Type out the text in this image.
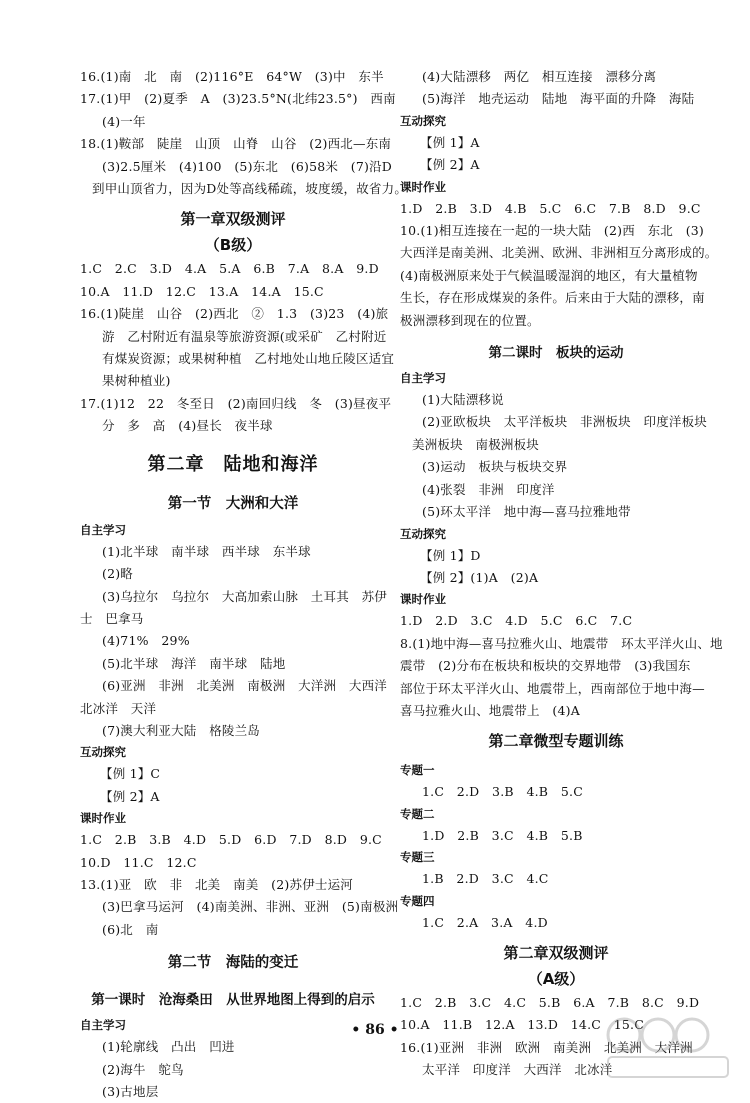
16.(1)南　北　南　(2)116°E　64°W　(3)中　东半
17.(1)甲　(2)夏季　A　(3)23.5°N(北纬23.5°)　西南
(4)一年
18.(1)鞍部　陡崖　山顶　山脊　山谷　(2)西北—东南
(3)2.5厘米　(4)100　(5)东北　(6)58米　(7)沿D
到甲山顶省力，因为D处等高线稀疏，坡度缓，故省力。
第一章双级测评
（B级）
1.C　2.C　3.D　4.A　5.A　6.B　7.A　8.A　9.D
10.A　11.D　12.C　13.A　14.A　15.C
16.(1)陡崖　山谷　(2)西北　②　1.3　(3)23　(4)旅
游　乙村附近有温泉等旅游资源(或采矿　乙村附近
有煤炭资源；或果树种植　乙村地处山地丘陵区适宜
果树种植业)
17.(1)12　22　冬至日　(2)南回归线　冬　(3)昼夜平
分　多　高　(4)昼长　夜半球
第二章　陆地和海洋
第一节　大洲和大洋
自主学习
(1)北半球　南半球　西半球　东半球
(2)略
(3)乌拉尔　乌拉尔　大高加索山脉　土耳其　苏伊
士　巴拿马
(4)71%　29%
(5)北半球　海洋　南半球　陆地
(6)亚洲　非洲　北美洲　南极洲　大洋洲　大西洋
北冰洋　天洋
(7)澳大利亚大陆　格陵兰岛
互动探究
【例 1】C
【例 2】A
课时作业
1.C　2.B　3.B　4.D　5.D　6.D　7.D　8.D　9.C
10.D　11.C　12.C
13.(1)亚　欧　非　北美　南美　(2)苏伊士运河
(3)巴拿马运河　(4)南美洲、非洲、亚洲　(5)南极洲
(6)北　南
第二节　海陆的变迁
第一课时　沧海桑田　从世界地图上得到的启示
自主学习
(1)轮廓线　凸出　凹进
(2)海牛　鸵鸟
(3)古地层
(4)大陆漂移　两亿　相互连接　漂移分离
(5)海洋　地壳运动　陆地　海平面的升降　海陆
互动探究
【例 1】A
【例 2】A
课时作业
1.D　2.B　3.D　4.B　5.C　6.C　7.B　8.D　9.C
10.(1)相互连接在一起的一块大陆　(2)西　东北　(3)
大西洋是南美洲、北美洲、欧洲、非洲相互分离形成的。
(4)南极洲原来处于气候温暖湿润的地区，有大量植物
生长，存在形成煤炭的条件。后来由于大陆的漂移，南
极洲漂移到现在的位置。
第二课时　板块的运动
自主学习
(1)大陆漂移说
(2)亚欧板块　太平洋板块　非洲板块　印度洋板块
美洲板块　南极洲板块
(3)运动　板块与板块交界
(4)张裂　非洲　印度洋
(5)环太平洋　地中海—喜马拉雅地带
互动探究
【例 1】D
【例 2】(1)A　(2)A
课时作业
1.D　2.D　3.C　4.D　5.C　6.C　7.C
8.(1)地中海—喜马拉雅火山、地震带　环太平洋火山、地
震带　(2)分布在板块和板块的交界地带　(3)我国东
部位于环太平洋火山、地震带上，西南部位于地中海—
喜马拉雅火山、地震带上　(4)A
第二章微型专题训练
专题一
1.C　2.D　3.B　4.B　5.C
专题二
1.D　2.B　3.C　4.B　5.B
专题三
1.B　2.D　3.C　4.C
专题四
1.C　2.A　3.A　4.D
第二章双级测评
（A级）
1.C　2.B　3.C　4.C　5.B　6.A　7.B　8.C　9.D
10.A　11.B　12.A　13.D　14.C　15.C
16.(1)亚洲　非洲　欧洲　南美洲　北美洲　大洋洲
太平洋　印度洋　大西洋　北冰洋
• 86 •
